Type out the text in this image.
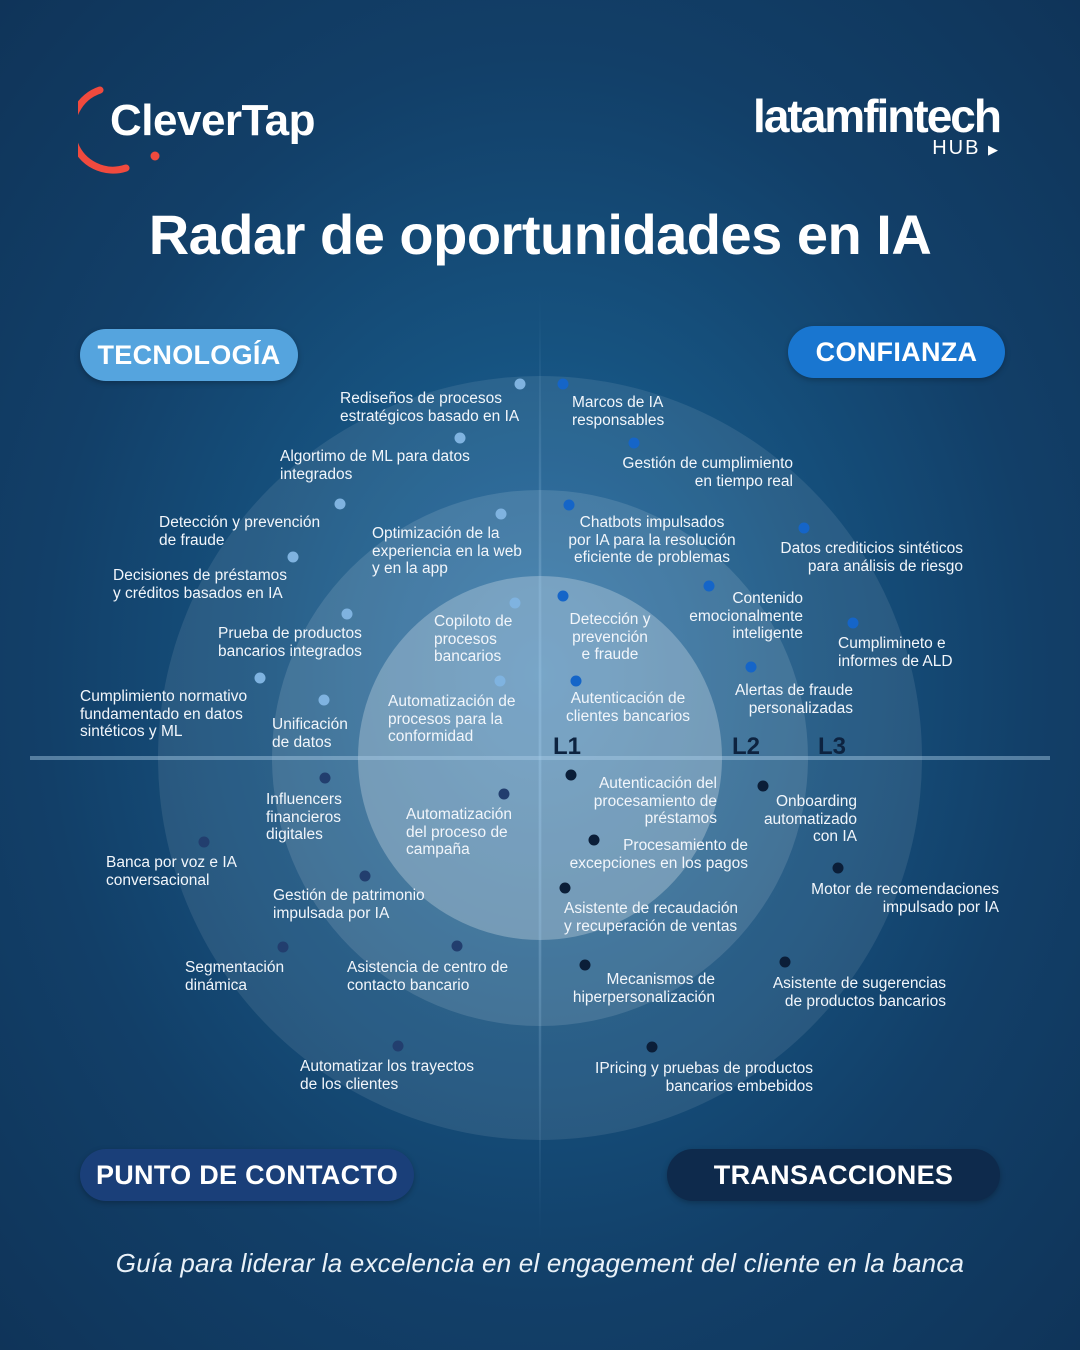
CleverTap	latamfintech
HUB ▶
Radar de oportunidades en IA
TECNOLOGÍA	CONFIANZA
PUNTO DE CONTACTO	TRANSACCIONES
L1	L2 L3
Rediseños de procesos
estratégicos basado en IA
Algortimo de ML para datos
integrados
Detección y prevención
de fraude
Decisiones de préstamos
y créditos basados en IA
Prueba de productos
bancarios integrados
Cumplimiento normativo
fundamentado en datos
sintéticos y ML
Optimización de la
experiencia en la web
y en la app
Unificación
de datos
Copiloto de
procesos
bancarios
Automatización de
procesos para la
conformidad
Marcos de IA
responsables
Gestión de cumplimiento
en tiempo real
Chatbots impulsados
por IA para la resolución
eficiente de problemas
Datos crediticios sintéticos
para análisis de riesgo
Detección y
prevención
e fraude
Contenido
emocionalmente
inteligente
Cumplimineto e
informes de ALD
Autenticación de
clientes bancarios
Alertas de fraude
personalizadas
Influencers
financieros
digitales
Automatización
del proceso de
campaña
Banca por voz e IA
conversacional
Gestión de patrimonio
impulsada por IA
Segmentación
dinámica
Asistencia de centro de
contacto bancario
Automatizar los trayectos
de los clientes
Autenticación del
procesamiento de
préstamos
Onboarding
automatizado
con IA
Procesamiento de
excepciones en los pagos
Motor de recomendaciones
impulsado por IA
Asistente de recaudación
y recuperación de ventas
Mecanismos de
hiperpersonalización
Asistente de sugerencias
de productos bancarios
IPricing y pruebas de productos
bancarios embebidos
Guía para liderar la excelencia en el engagement del cliente en la banca
